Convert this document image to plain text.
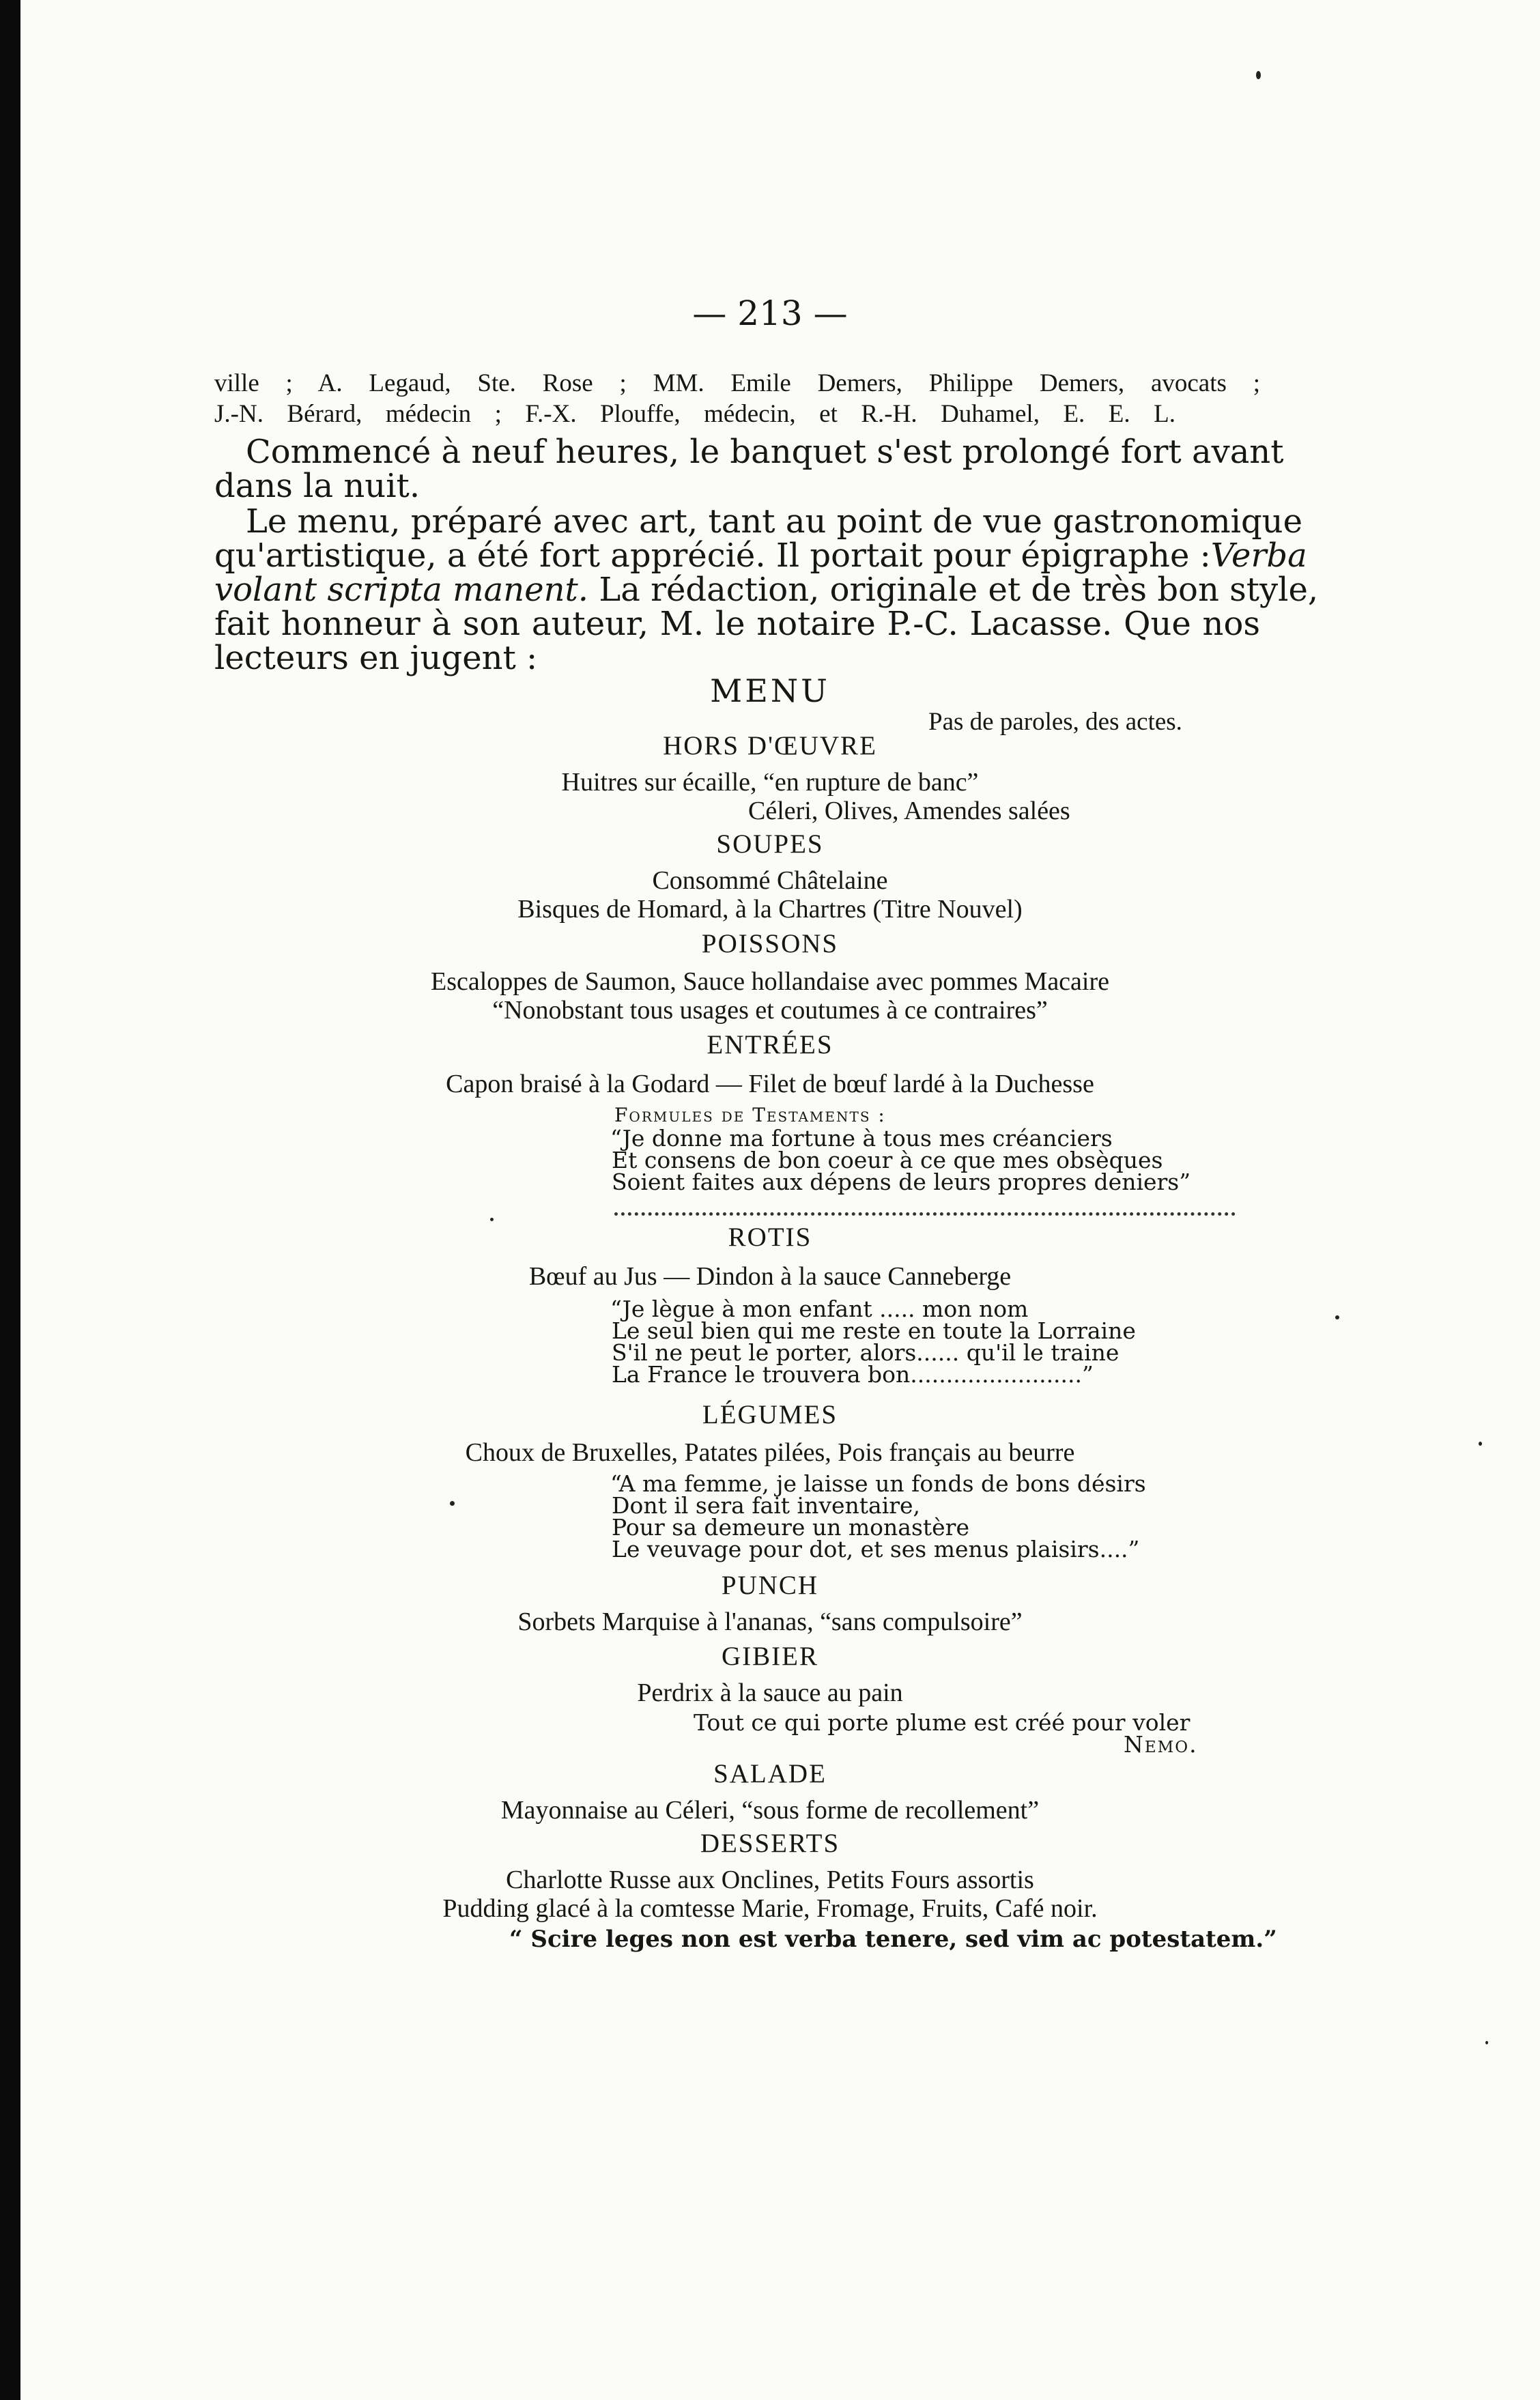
— 213 —

ville ; A. Legaud, Ste. Rose ; MM. Emile Demers, Philippe Demers, avocats ;

J.-N. Bérard, médecin ; F.-X. Plouffe, médecin, et R.-H. Duhamel, E. E. L.

Commencé à neuf heures, le banquet s'est prolongé fort avant

dans la nuit.

Le menu, préparé avec art, tant au point de vue gastronomique

qu'artistique, a été fort apprécié. Il portait pour épigraphe : Verba

volant scripta manent. La rédaction, originale et de très bon style,

fait honneur à son auteur, M. le notaire P.-C. Lacasse. Que nos

lecteurs en jugent :

MENU

Pas de paroles, des actes.

HORS D'ŒUVRE

Huitres sur écaille, “en rupture de banc”

Céleri, Olives, Amendes salées

SOUPES

Consommé Châtelaine

Bisques de Homard, à la Chartres (Titre Nouvel)

POISSONS

Escaloppes de Saumon, Sauce hollandaise avec pommes Macaire

“Nonobstant tous usages et coutumes à ce contraires”

ENTRÉES

Capon braisé à la Godard — Filet de bœuf lardé à la Duchesse

Formules de Testaments :

“Je donne ma fortune à tous mes créanciers

Et consens de bon coeur à ce que mes obsèques

Soient faites aux dépens de leurs propres deniers”

ROTIS

Bœuf au Jus — Dindon à la sauce Canneberge

“Je lègue à mon enfant ..... mon nom

Le seul bien qui me reste en toute la Lorraine

S'il ne peut le porter, alors...... qu'il le traine

La France le trouvera bon........................”

LÉGUMES

Choux de Bruxelles, Patates pilées, Pois français au beurre

“A ma femme, je laisse un fonds de bons désirs

Dont il sera fait inventaire,

Pour sa demeure un monastère

Le veuvage pour dot, et ses menus plaisirs....”

PUNCH

Sorbets Marquise à l'ananas, “sans compulsoire”

GIBIER

Perdrix à la sauce au pain

Tout ce qui porte plume est créé pour voler

Nemo.

SALADE

Mayonnaise au Céleri, “sous forme de recollement”

DESSERTS

Charlotte Russe aux Onclines, Petits Fours assortis

Pudding glacé à la comtesse Marie, Fromage, Fruits, Café noir.

“ Scire leges non est verba tenere, sed vim ac potestatem.”
